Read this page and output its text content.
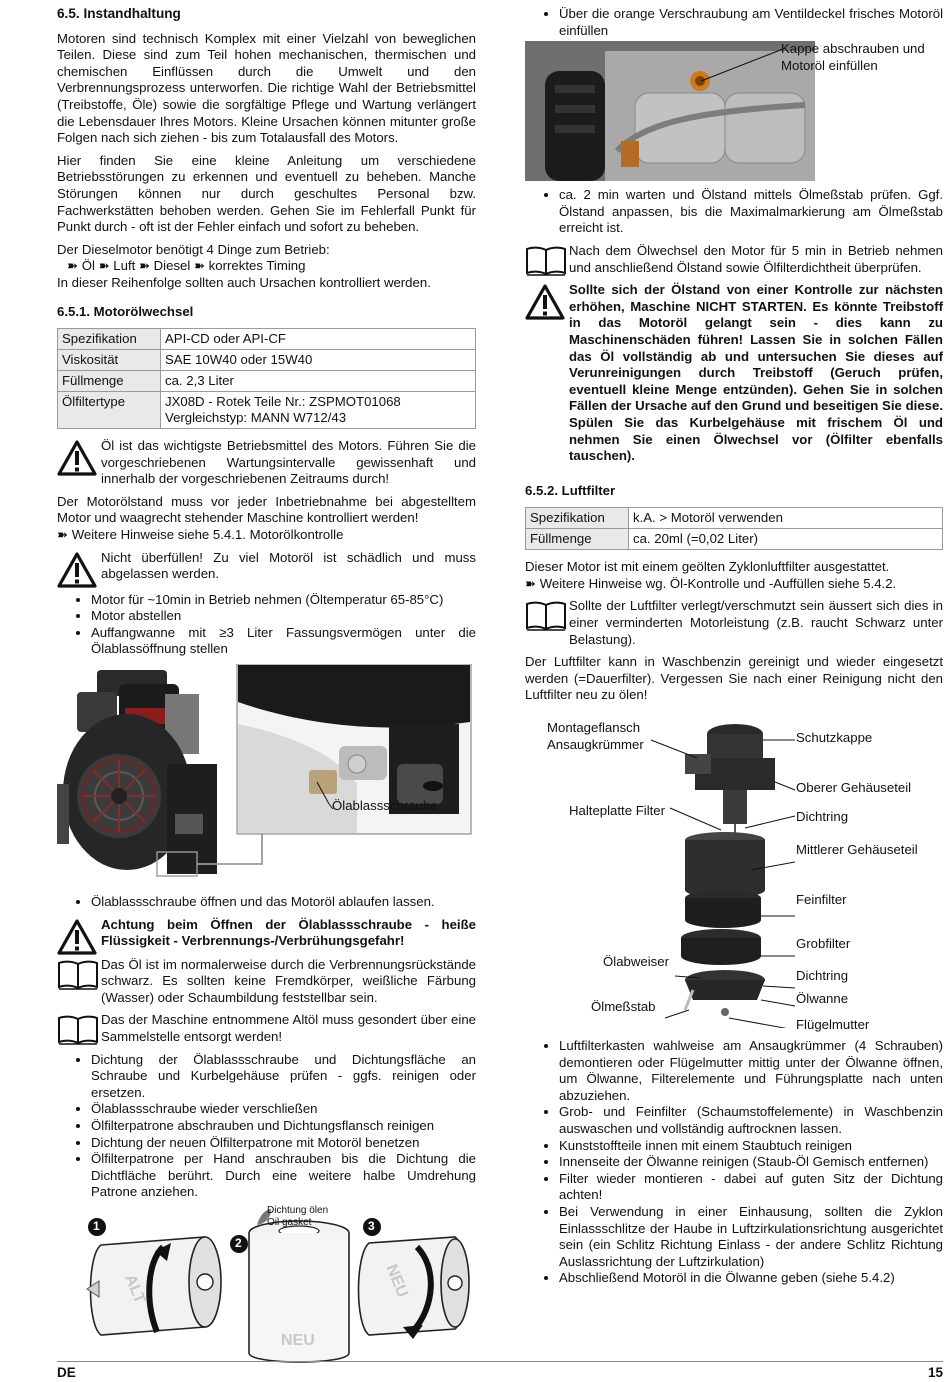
6.5. Instandhaltung

Motoren sind technisch Komplex mit einer Vielzahl von beweglichen Teilen. Diese sind zum Teil hohen mechanischen, thermischen und chemischen Einflüssen durch die Umwelt und den Verbrennungsprozess unterworfen. Die richtige Wahl der Betriebsmittel (Treibstoffe, Öle) sowie die sorgfältige Pflege und Wartung verlängert die Lebensdauer Ihres Motors. Kleine Ursachen können mitunter große Folgen nach sich ziehen - bis zum Totalausfall des Motors.

Hier finden Sie eine kleine Anleitung um verschiedene Betriebsstörungen zu erkennen und eventuell zu beheben. Manche Störungen können nur durch geschultes Personal bzw. Fachwerkstätten behoben werden. Gehen Sie im Fehlerfall Punkt für Punkt durch - oft ist der Fehler einfach und sofort zu beheben.

Der Dieselmotor benötigt 4 Dinge zum Betrieb:

➽ Öl ➽ Luft ➽ Diesel ➽ korrektes Timing

In dieser Reihenfolge sollten auch Ursachen kontrolliert werden.

6.5.1. Motorölwechsel
Spezifikation	API-CD oder API-CF
Viskosität	SAE 10W40 oder 15W40
Füllmenge	ca. 2,3 Liter
Ölfiltertype	JX08D - Rotek Teile Nr.: ZSPMOT01068
Vergleichstyp: MANN W712/43
Öl ist das wichtigste Betriebsmittel des Motors. Führen Sie die vorgeschriebenen Wartungsintervalle gewissenhaft und innerhalb der vorgeschriebenen Zeitraums durch!

Der Motorölstand muss vor jeder Inbetriebnahme bei abgestelltem Motor und waagrecht stehender Maschine kontrolliert werden!

➽ Weitere Hinweise siehe 5.4.1. Motorölkontrolle
Nicht überfüllen! Zu viel Motoröl ist schädlich und muss abgelassen werden.
• Motor für ~10min in Betrieb nehmen (Öltemperatur 65-85°C)
• Motor abstellen
• Auffangwanne mit ≥3 Liter Fassungsvermögen unter die Ölablassöffnung stellen
Ölablassschraube
• Ölablassschraube öffnen und das Motoröl ablaufen lassen.
Achtung beim Öffnen der Ölablassschraube - heiße Flüssigkeit - Verbrennungs-/Verbrühungsgefahr!
Das Öl ist im normalerweise durch die Verbrennungsrückstände schwarz. Es sollten keine Fremdkörper, weißliche Färbung (Wasser) oder Schaumbildung feststellbar sein.
Das der Maschine entnommene Altöl muss gesondert über eine Sammelstelle entsorgt werden!
• Dichtung der Ölablassschraube und Dichtungsfläche an Schraube und Kurbelgehäuse prüfen - ggfs. reinigen oder ersetzen.
• Ölablassschraube wieder verschließen
• Ölfilterpatrone abschrauben und Dichtungsflansch reinigen
• Dichtung der neuen Ölfilterpatrone mit Motoröl benetzen
• Ölfilterpatrone per Hand anschrauben bis die Dichtung die Dichtfläche berührt. Durch eine weitere halbe Umdrehung Patrone anziehen.
1
2
3
Dichtung ölen
Oil gasket
ALT
NEU
NEU
• Über die orange Verschraubung am Ventildeckel frisches Motoröl einfüllen
Kappe abschrauben und
Motoröl einfüllen
• ca. 2 min warten und Ölstand mittels Ölmeßstab prüfen. Ggf. Ölstand anpassen, bis die Maximalmarkierung am Ölmeßstab erreicht ist.
Nach dem Ölwechsel den Motor für 5 min in Betrieb nehmen und anschließend Ölstand sowie Ölfilterdichtheit überprüfen.
Sollte sich der Ölstand von einer Kontrolle zur nächsten erhöhen, Maschine NICHT STARTEN. Es könnte Treibstoff in das Motoröl gelangt sein - dies kann zu Maschinenschäden führen! Lassen Sie in solchen Fällen das Öl vollständig ab und untersuchen Sie dieses auf Verunreinigungen durch Treibstoff (Geruch prüfen, eventuell kleine Menge entzünden). Gehen Sie in solchen Fällen der Ursache auf den Grund und beseitigen Sie diese. Spülen Sie das Kurbelgehäuse mit frischem Öl und nehmen Sie einen Ölwechsel vor (Ölfilter ebenfalls tauschen).
6.5.2. Luftfilter
Spezifikation	k.A. > Motoröl verwenden
Füllmenge	ca. 20ml (=0,02 Liter)

Dieser Motor ist mit einem geölten Zyklonluftfilter ausgestattet.

➽ Weitere Hinweise wg. Öl-Kontrolle und -Auffüllen siehe 5.4.2.
Sollte der Luftfilter verlegt/verschmutzt sein äussert sich dies in einer verminderten Motorleistung (z.B. raucht Schwarz unter Belastung).

Der Luftfilter kann in Waschbenzin gereinigt und wieder eingesetzt werden (=Dauerfilter). Vergessen Sie nach einer Reinigung nicht den Luftfilter neu zu ölen!

Montageflansch
Ansaugkrümmer	Schutzkappe
Oberer Gehäuseteil
Halteplatte Filter	Dichtring
Mittlerer Gehäuseteil
Feinfilter
Grobfilter
Ölabweiser
Dichtring
Ölwanne
Ölmeßstab
Flügelmutter
• Luftfilterkasten wahlweise am Ansaugkrümmer (4 Schrauben) demontieren oder Flügelmutter mittig unter der Ölwanne öffnen, um Ölwanne, Filterelemente und Führungsplatte nach unten abzuziehen.
• Grob- und Feinfilter (Schaumstoffelemente) in Waschbenzin auswaschen und vollständig auftrocknen lassen.
• Kunststoffteile innen mit einem Staubtuch reinigen
• Innenseite der Ölwanne reinigen (Staub-Öl Gemisch entfernen)
• Filter wieder montieren - dabei auf guten Sitz der Dichtung achten!
• Bei Verwendung in einer Einhausung, sollten die Zyklon Einlassschlitze der Haube in Luftzirkulationsrichtung ausgerichtet sein (ein Schlitz Richtung Einlass - der andere Schlitz Richtung Auslassrichtung der Luftzirkulation)
• Abschließend Motoröl in die Ölwanne geben (siehe 5.4.2)
DE	15
